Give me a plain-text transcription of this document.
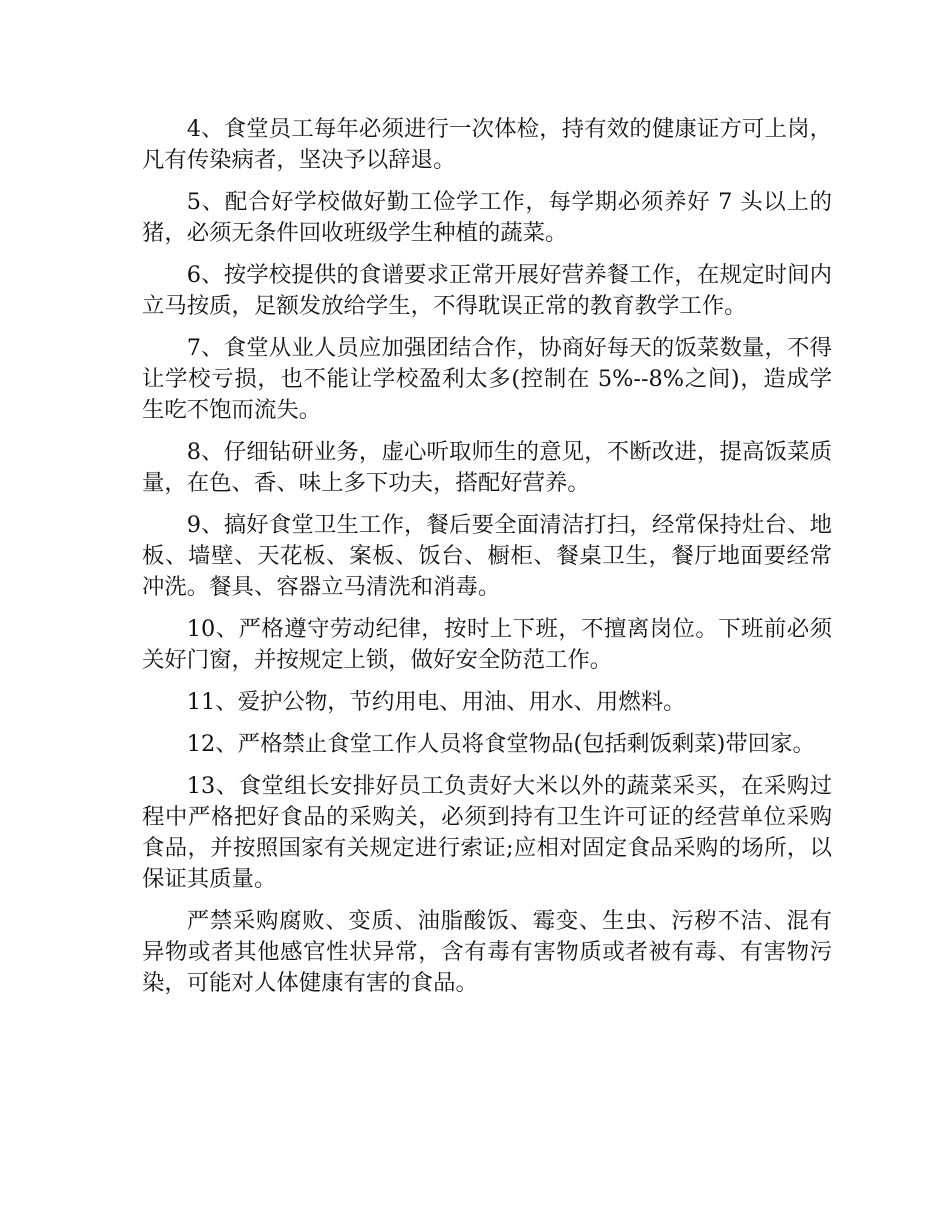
4、食堂员工每年必须进行一次体检，持有效的健康证方可上岗，凡有传染病者，坚决予以辞退。

5、配合好学校做好勤工俭学工作，每学期必须养好 7 头以上的猪，必须无条件回收班级学生种植的蔬菜。

6、按学校提供的食谱要求正常开展好营养餐工作，在规定时间内立马按质，足额发放给学生，不得耽误正常的教育教学工作。

7、食堂从业人员应加强团结合作，协商好每天的饭菜数量，不得让学校亏损，也不能让学校盈利太多(控制在 5%--8%之间)，造成学生吃不饱而流失。

8、仔细钻研业务，虚心听取师生的意见，不断改进，提高饭菜质量，在色、香、味上多下功夫，搭配好营养。

9、搞好食堂卫生工作，餐后要全面清洁打扫，经常保持灶台、地板、墙壁、天花板、案板、饭台、橱柜、餐桌卫生，餐厅地面要经常冲洗。餐具、容器立马清洗和消毒。

10、严格遵守劳动纪律，按时上下班，不擅离岗位。下班前必须关好门窗，并按规定上锁，做好安全防范工作。

11、爱护公物，节约用电、用油、用水、用燃料。

12、严格禁止食堂工作人员将食堂物品(包括剩饭剩菜)带回家。

13、食堂组长安排好员工负责好大米以外的蔬菜采买，在采购过程中严格把好食品的采购关，必须到持有卫生许可证的经营单位采购食品，并按照国家有关规定进行索证;应相对固定食品采购的场所，以保证其质量。

严禁采购腐败、变质、油脂酸饭、霉变、生虫、污秽不洁、混有异物或者其他感官性状异常，含有毒有害物质或者被有毒、有害物污染，可能对人体健康有害的食品。
